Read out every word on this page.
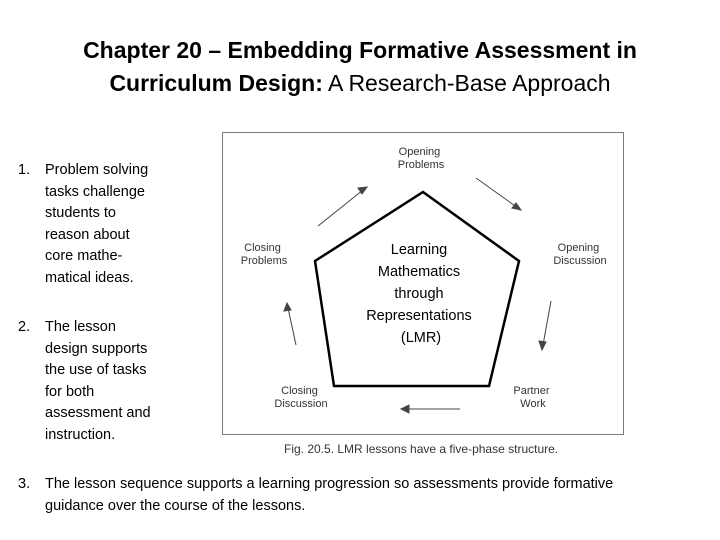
Chapter 20 – Embedding Formative Assessment in
Curriculum Design: A Research-Base Approach
1. Problem solving
tasks challenge
students to
reason about
core mathe-
matical ideas.
2. The lesson
design supports
the use of tasks
for both
assessment and
instruction.
Opening Problems
Opening Discussion
Partner Work
Closing Discussion
Closing Problems
Learning Mathematics through Representations (LMR)
Fig. 20.5. LMR lessons have a five-phase structure.
3. The lesson sequence supports a learning progression so assessments provide formative
guidance over the course of the lessons.
